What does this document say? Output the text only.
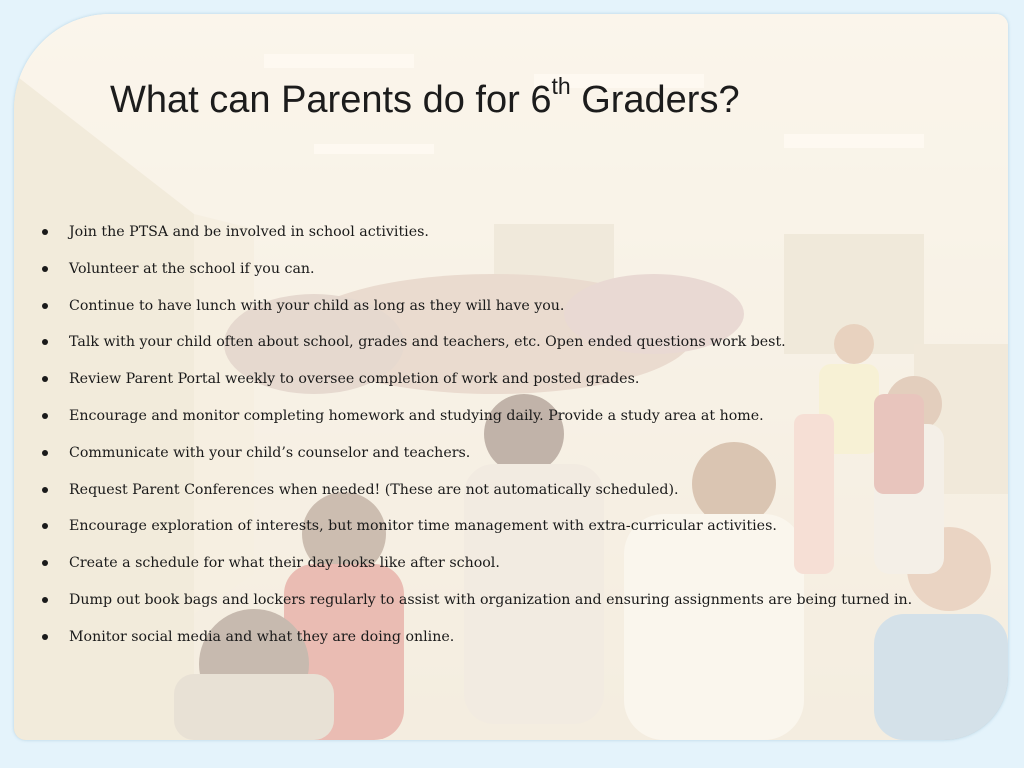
What can Parents do for 6th Graders?
Join the PTSA and be involved in school activities.
Volunteer at the school if you can.
Continue to have lunch with your child as long as they will have you.
Talk with your child often about school, grades and teachers, etc. Open ended questions work best.
Review Parent Portal weekly to oversee completion of work and posted grades.
Encourage and monitor completing homework and studying daily. Provide a study area at home.
Communicate with your child’s counselor and teachers.
Request Parent Conferences when needed! (These are not automatically scheduled).
Encourage exploration of interests, but monitor time management with extra-curricular activities.
Create a schedule for what their day looks like after school.
Dump out book bags and lockers regularly to assist with organization and ensuring assignments are being turned in.
Monitor social media and what they are doing online.
